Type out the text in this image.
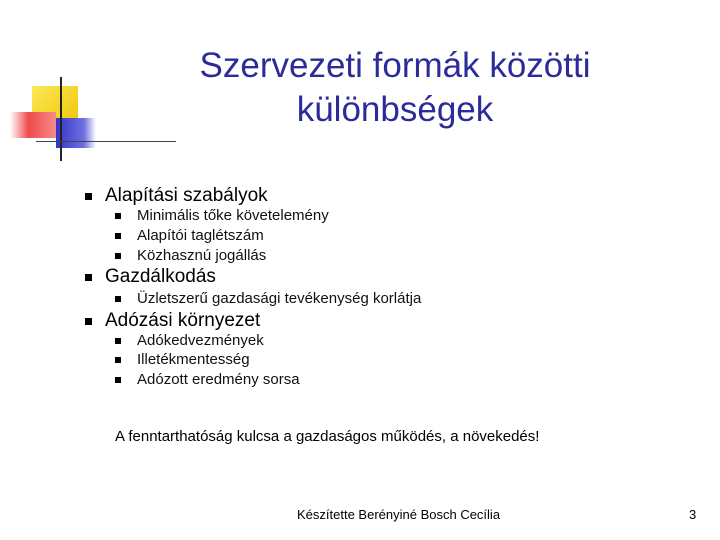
Szervezeti formák közötti
különbségek
Alapítási szabályok
Minimális tőke követelemény
Alapítói taglétszám
Közhasznú jogállás
Gazdálkodás
Üzletszerű gazdasági tevékenység korlátja
Adózási környezet
Adókedvezmények
Illetékmentesség
Adózott eredmény sorsa
A fenntarthatóság kulcsa a gazdaságos működés, a növekedés!
Készítette Berényiné Bosch Cecília	3
